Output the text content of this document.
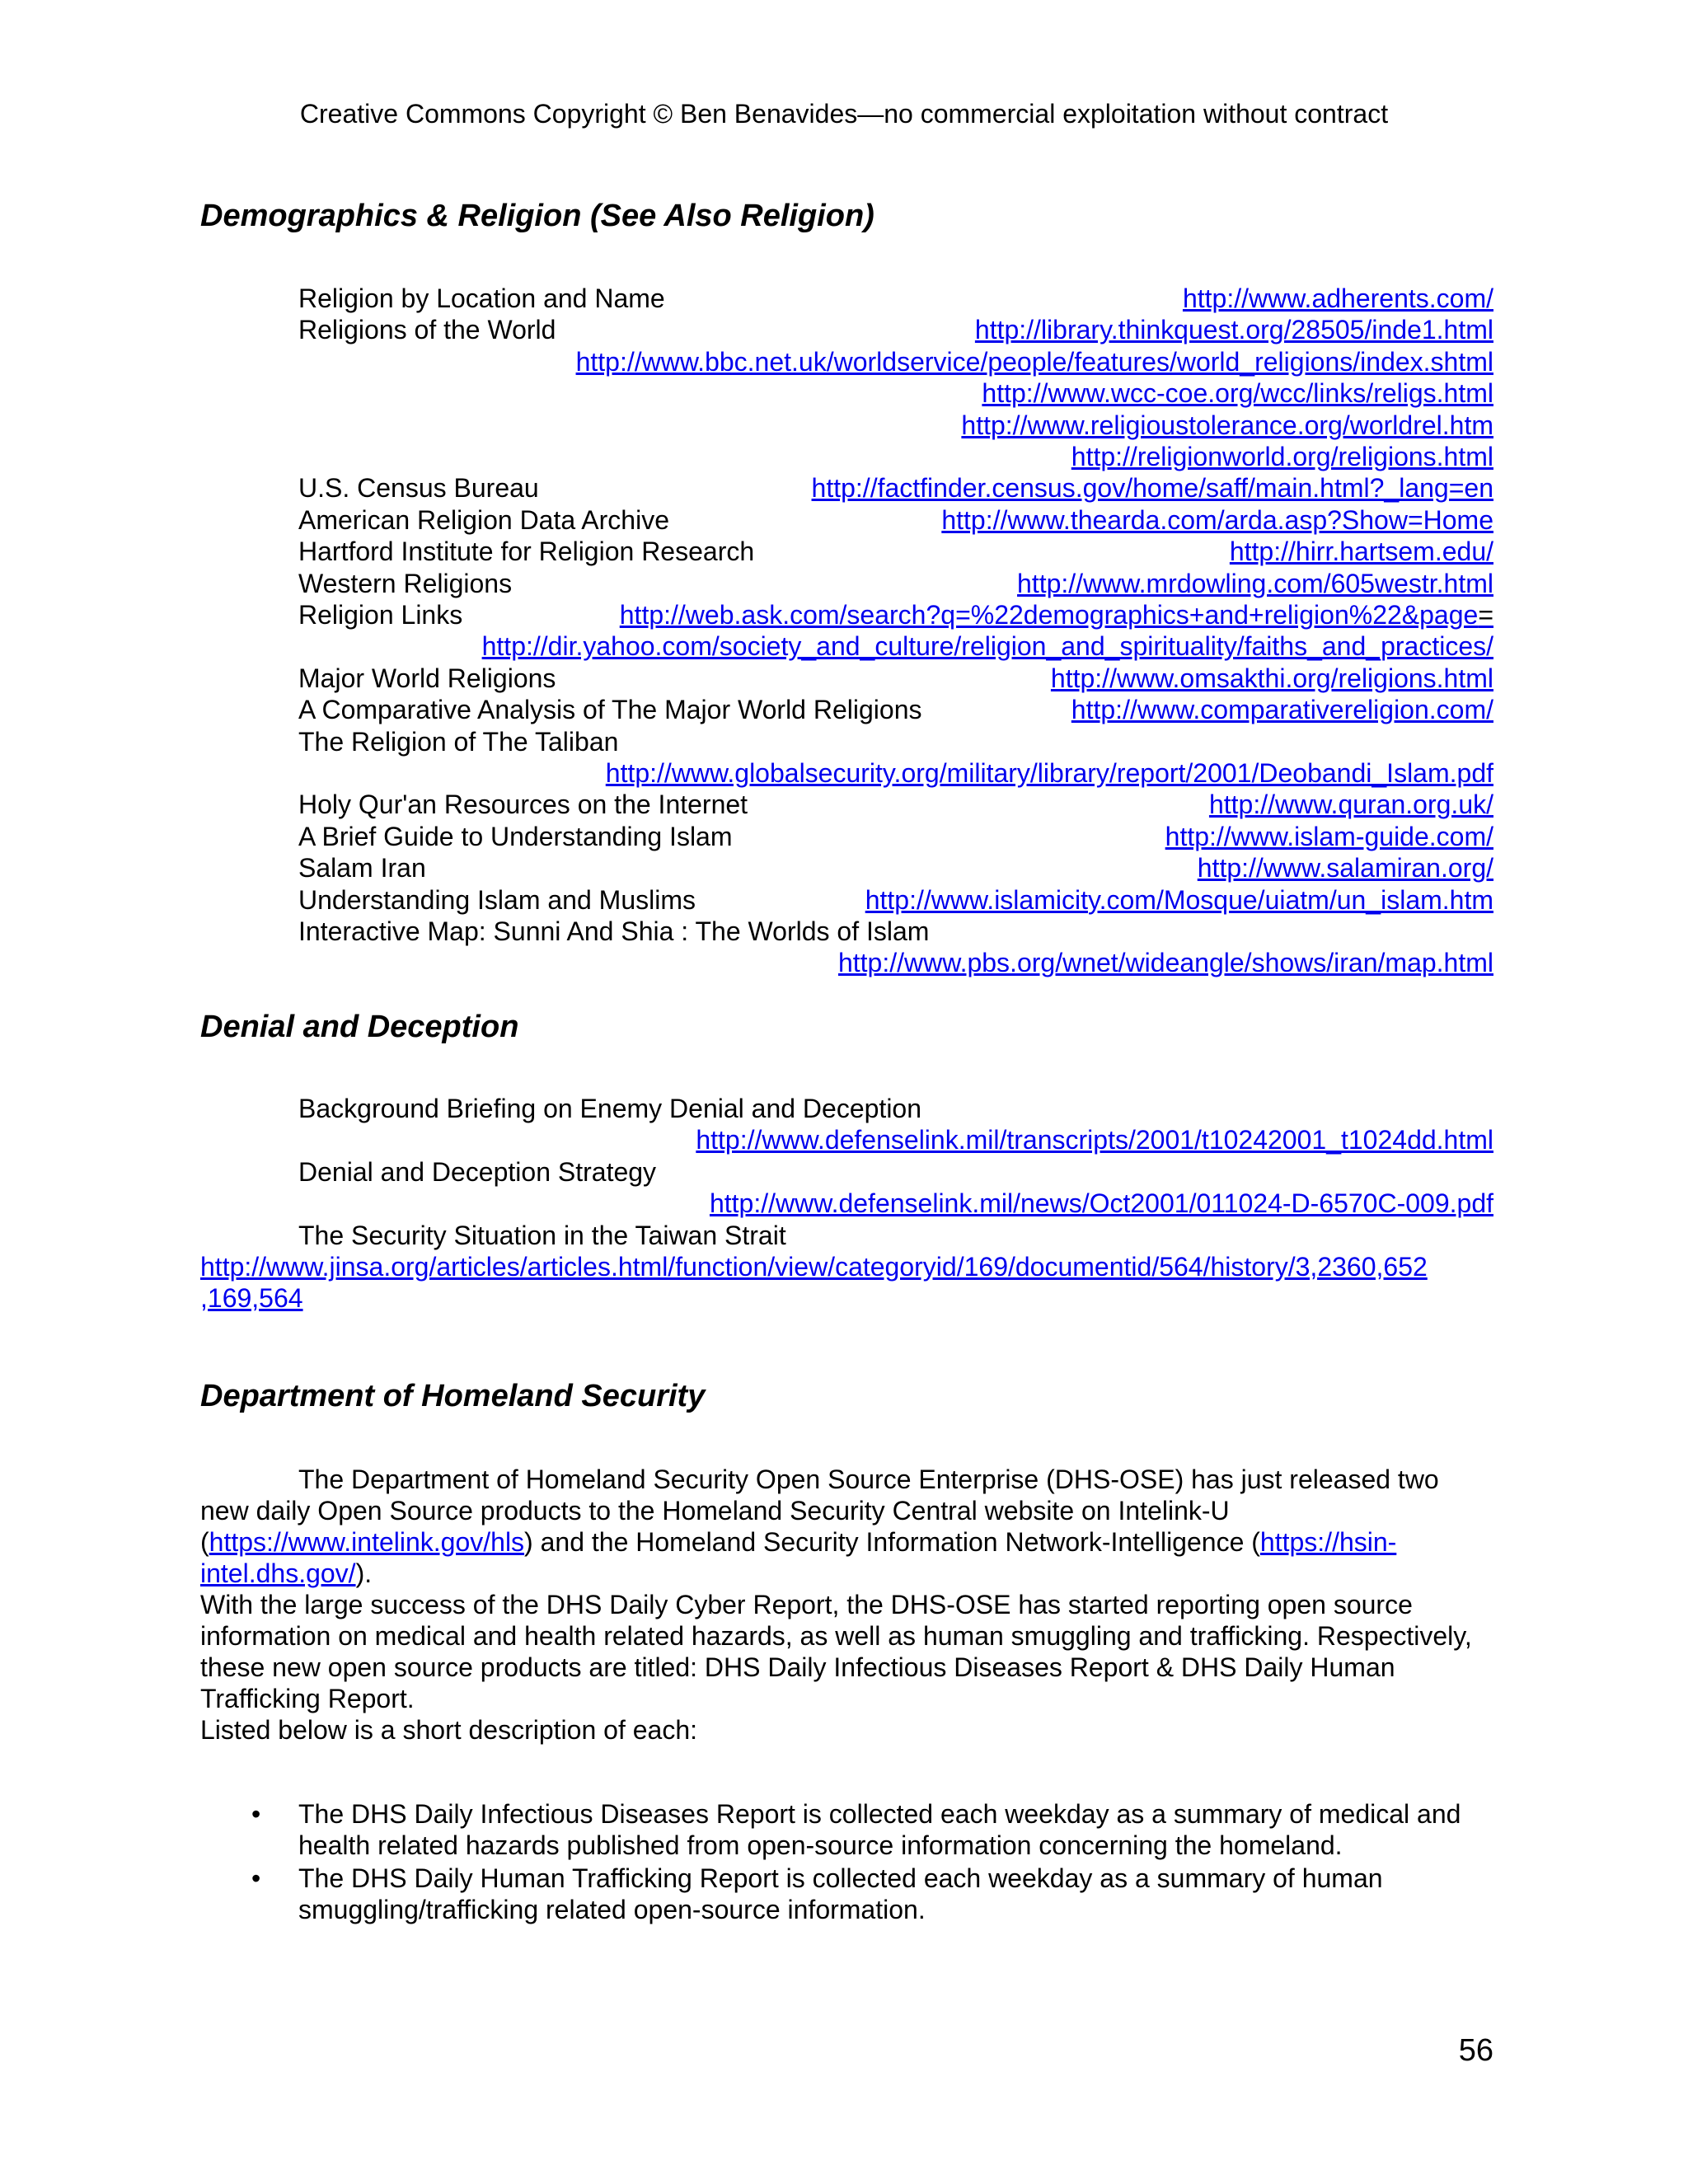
Creative Commons Copyright © Ben Benavides—no commercial exploitation without contract
Demographics & Religion (See Also Religion)
Religion by Location and Name	http://www.adherents.com/
Religions of the World	http://library.thinkquest.org/28505/inde1.html
http://www.bbc.net.uk/worldservice/people/features/world_religions/index.shtml
http://www.wcc-coe.org/wcc/links/religs.html
http://www.religioustolerance.org/worldrel.htm
http://religionworld.org/religions.html
U.S. Census Bureau	http://factfinder.census.gov/home/saff/main.html?_lang=en
American Religion Data Archive	http://www.thearda.com/arda.asp?Show=Home
Hartford Institute for Religion Research	http://hirr.hartsem.edu/
Western Religions	http://www.mrdowling.com/605westr.html
Religion Links	http://web.ask.com/search?q=%22demographics+and+religion%22&page=
http://dir.yahoo.com/society_and_culture/religion_and_spirituality/faiths_and_practices/
Major World Religions	http://www.omsakthi.org/religions.html
A Comparative Analysis of The Major World Religions	http://www.comparativereligion.com/
The Religion of The Taliban
http://www.globalsecurity.org/military/library/report/2001/Deobandi_Islam.pdf
Holy Qur'an Resources on the Internet	http://www.quran.org.uk/
A Brief Guide to Understanding Islam	http://www.islam-guide.com/
Salam Iran	http://www.salamiran.org/
Understanding Islam and Muslims	http://www.islamicity.com/Mosque/uiatm/un_islam.htm
Interactive Map: Sunni And Shia : The Worlds of Islam
http://www.pbs.org/wnet/wideangle/shows/iran/map.html
Denial and Deception
Background Briefing on Enemy Denial and Deception
http://www.defenselink.mil/transcripts/2001/t10242001_t1024dd.html
Denial and Deception Strategy
http://www.defenselink.mil/news/Oct2001/011024-D-6570C-009.pdf
The Security Situation in the Taiwan Strait
http://www.jinsa.org/articles/articles.html/function/view/categoryid/169/documentid/564/history/3,2360,652
,169,564
Department of Homeland Security
The Department of Homeland Security Open Source Enterprise (DHS-OSE) has just released two new daily Open Source products to the Homeland Security Central website on Intelink-U (https://www.intelink.gov/hls) and the Homeland Security Information Network-Intelligence (https://hsin-intel.dhs.gov/).
With the large success of the DHS Daily Cyber Report, the DHS-OSE has started reporting open source information on medical and health related hazards, as well as human smuggling and trafficking. Respectively, these new open source products are titled: DHS Daily Infectious Diseases Report & DHS Daily Human Trafficking Report.
Listed below is a short description of each:
• The DHS Daily Infectious Diseases Report is collected each weekday as a summary of medical and health related hazards published from open-source information concerning the homeland.
• The DHS Daily Human Trafficking Report is collected each weekday as a summary of human smuggling/trafficking related open-source information.
56
